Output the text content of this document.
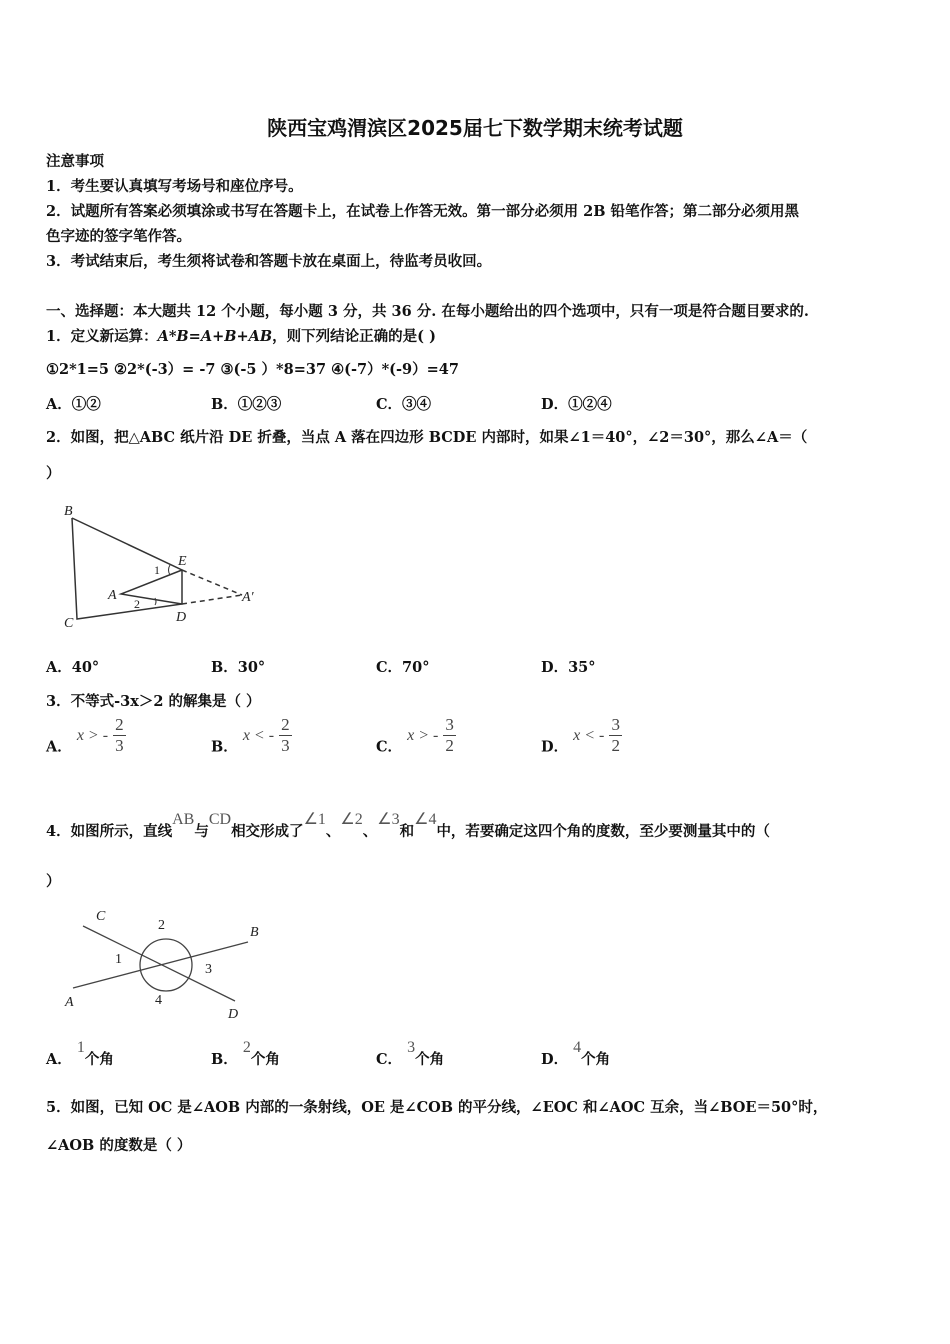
陕西宝鸡渭滨区2025届七下数学期末统考试题
注意事项
1．考生要认真填写考场号和座位序号。
2．试题所有答案必须填涂或书写在答题卡上，在试卷上作答无效。第一部分必须用 2B 铅笔作答；第二部分必须用黑
色字迹的签字笔作答。
3．考试结束后，考生须将试卷和答题卡放在桌面上，待监考员收回。
一、选择题：本大题共 12 个小题，每小题 3 分，共 36 分. 在每小题给出的四个选项中，只有一项是符合题目要求的.
1．定义新运算：A*B=A+B+AB，则下列结论正确的是( )
①2*1=5 ②2*(-3）= -7 ③(-5 ）*8=37 ④(-7）*(-9）=47
A．①②	B．①②③	C．③④	D．①②④
2．如图，把△ABC 纸片沿 DE 折叠，当点 A 落在四边形 BCDE 内部时，如果∠1＝40°，∠2＝30°，那么∠A＝（
）
B
E
1
A
2	A′
C	D
A．40°	B．30°	C．70°	D．35°
3．不等式-3x＞2 的解集是（ ）
A． x > - $\frac{2}{3}$	B． x < - $\frac{2}{3}$	C． x > - $\frac{3}{2}$	D． x < - $\frac{3}{2}$
4．如图所示，直线AB与CD相交形成了∠1、∠2、∠3和∠4中，若要确定这四个角的度数，至少要测量其中的（
）
C
2	B
1
3
A	4
D
A． 1个角	B． 2个角	C． 3个角	D． 4个角
5．如图，已知 OC 是∠AOB 内部的一条射线，OE 是∠COB 的平分线，∠EOC 和∠AOC 互余，当∠BOE＝50°时，
∠AOB 的度数是（ ）
